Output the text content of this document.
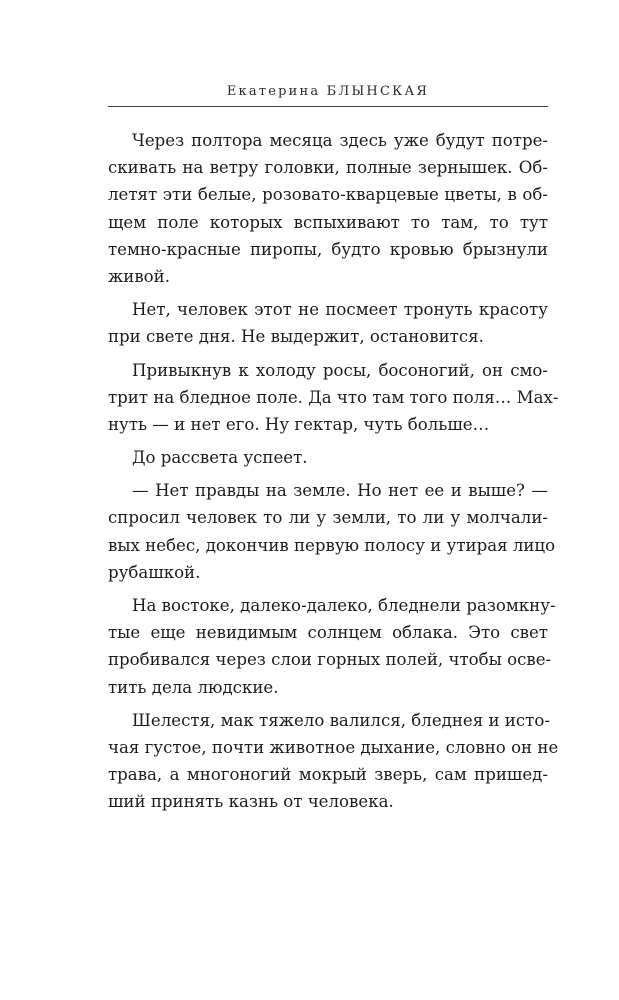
Екатерина БЛЫНСКАЯ
Через полтора месяца здесь уже будут потре-
скивать на ветру головки, полные зернышек. Об-
летят эти белые, розовато-кварцевые цветы, в об-
щем поле которых вспыхивают то там, то тут
темно-красные пиропы, будто кровью брызнули
живой.
Нет, человек этот не посмеет тронуть красоту
при свете дня. Не выдержит, остановится.
Привыкнув к холоду росы, босоногий, он смо-
трит на бледное поле. Да что там того поля… Мах-
нуть — и нет его. Ну гектар, чуть больше…
До рассвета успеет.
— Нет правды на земле. Но нет ее и выше? —
спросил человек то ли у земли, то ли у молчали-
вых небес, докончив первую полосу и утирая лицо
рубашкой.
На востоке, далеко-далеко, бледнели разомкну-
тые еще невидимым солнцем облака. Это свет
пробивался через слои горных полей, чтобы осве-
тить дела людские.
Шелестя, мак тяжело валился, бледнея и исто-
чая густое, почти животное дыхание, словно он не
трава, а многоногий мокрый зверь, сам пришед-
ший принять казнь от человека.
